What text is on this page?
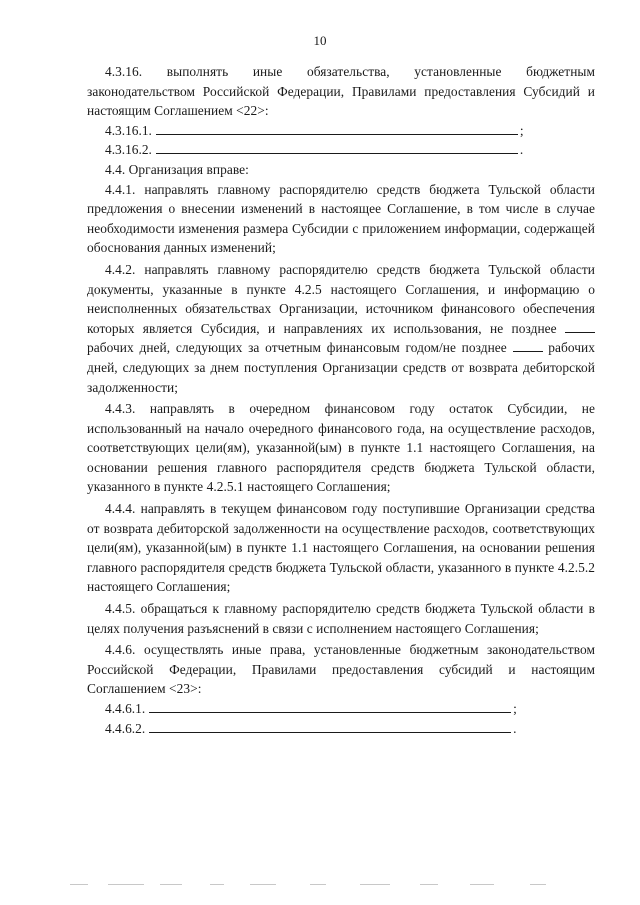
10

4.3.16. выполнять иные обязательства, установленные бюджетным законодательством Российской Федерации, Правилами предоставления Субсидий и настоящим Соглашением <22>:

4.3.16.1.	;
4.3.16.2.	.

4.4. Организация вправе:

4.4.1. направлять главному распорядителю средств бюджета Тульской области предложения о внесении изменений в настоящее Соглашение, в том числе в случае необходимости изменения размера Субсидии с приложением информации, содержащей обоснования данных изменений;

4.4.2. направлять главному распорядителю средств бюджета Тульской области документы, указанные в пункте 4.2.5 настоящего Соглашения, и информацию о неисполненных обязательствах Организации, источником финансового обеспечения которых является Субсидия, и направлениях их использования, не позднее  рабочих дней, следующих за отчетным финансовым годом/не позднее	рабочих дней, следующих за днем поступления Организации средств от возврата дебиторской задолженности;

4.4.3. направлять в очередном финансовом году остаток Субсидии, не использованный на начало очередного финансового года, на осуществление расходов, соответствующих цели(ям), указанной(ым) в пункте 1.1 настоящего Соглашения, на основании решения главного распорядителя средств бюджета Тульской области, указанного в пункте 4.2.5.1 настоящего Соглашения;

4.4.4. направлять в текущем финансовом году поступившие Организации средства от возврата дебиторской задолженности на осуществление расходов, соответствующих цели(ям), указанной(ым) в пункте 1.1 настоящего Соглашения, на основании решения главного распорядителя средств бюджета Тульской области, указанного в пункте 4.2.5.2 настоящего Соглашения;

4.4.5. обращаться к главному распорядителю средств бюджета Тульской области в целях получения разъяснений в связи с исполнением настоящего Соглашения;

4.4.6. осуществлять иные права, установленные бюджетным законодательством Российской Федерации, Правилами предоставления субсидий и настоящим Соглашением <23>:

4.4.6.1.	;
4.4.6.2.	.
